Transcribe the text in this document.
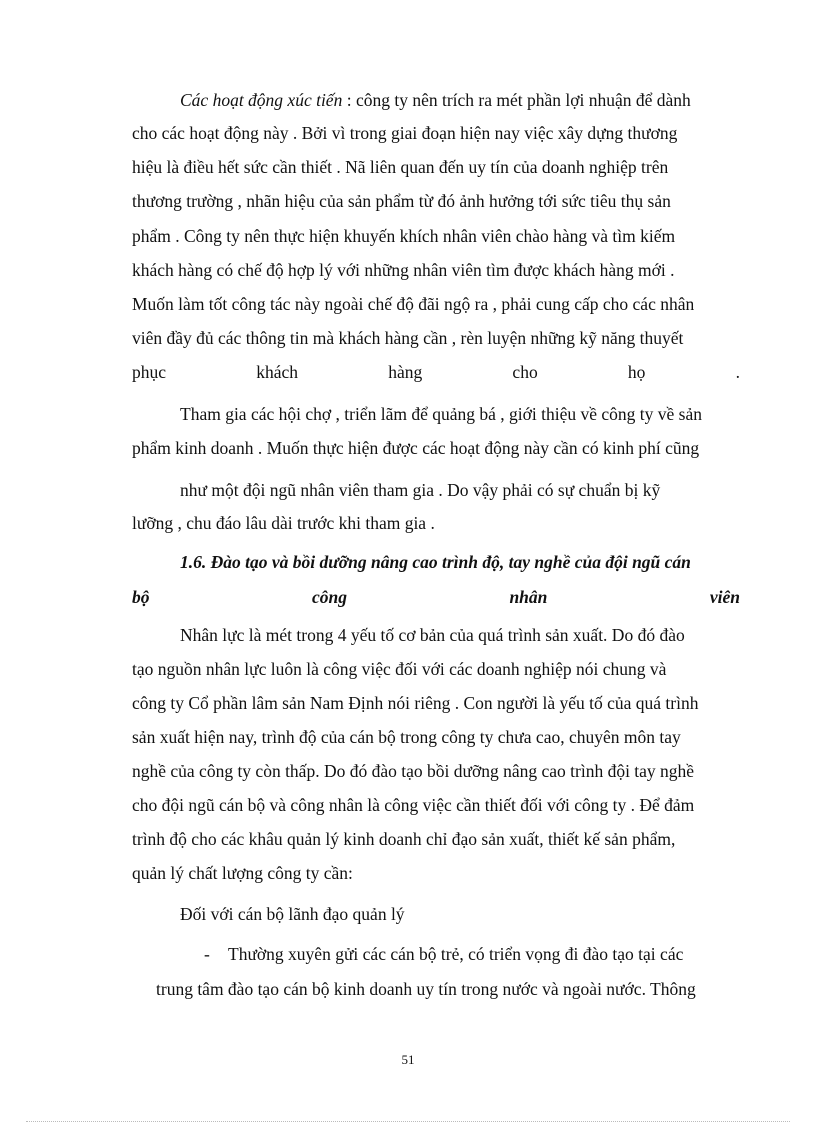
Các hoạt động xúc tiến : công ty nên trích ra mét phần lợi nhuận để dành
cho các hoạt động này . Bởi vì trong giai đoạn hiện nay việc xây dựng thương
hiệu là điều hết sức cần thiết . Nã liên quan đến uy tín của doanh nghiệp trên
thương trường , nhãn hiệu của sản phẩm từ đó ảnh hưởng tới sức tiêu thụ sản
phẩm . Công ty nên thực hiện khuyến khích nhân viên chào hàng và tìm kiếm
khách hàng có chế độ hợp lý với những nhân viên tìm được khách hàng mới .
Muốn làm tốt công tác này ngoài chế độ đãi ngộ ra , phải cung cấp cho các nhân
viên đầy đủ các thông tin mà khách hàng cần , rèn luyện những kỹ năng thuyết
phục	khách	hàng	cho	họ	.
Tham gia các hội chợ , triển lãm để quảng bá , giới thiệu về công ty về sản
phẩm kinh doanh . Muốn thực hiện được các hoạt động này cần có kinh phí cũng
như một đội ngũ nhân viên tham gia . Do vậy phải có sự chuẩn bị kỹ
lưỡng , chu đáo lâu dài trước khi tham gia .
1.6. Đào tạo và bồi dưỡng nâng cao trình độ, tay nghề của đội ngũ cán
bộ	công	nhân	viên
Nhân lực là mét trong 4 yếu tố cơ bản của quá trình sản xuất. Do đó đào
tạo nguồn nhân lực luôn là công việc đối với các doanh nghiệp nói chung và
công ty Cổ phần lâm sản Nam Định nói riêng . Con người là yếu tố của quá trình
sản xuất hiện nay, trình độ của cán bộ trong công ty chưa cao, chuyên môn tay
nghề của công ty còn thấp. Do đó đào tạo bồi dưỡng nâng cao trình đội tay nghề
cho đội ngũ cán bộ và công nhân là công việc cần thiết đối với công ty . Để đảm
trình độ cho các khâu quản lý kinh doanh chỉ đạo sản xuất, thiết kế sản phẩm,
quản lý chất lượng công ty cần:
Đối với cán bộ lãnh đạo quản lý
-	Thường xuyên gửi các cán bộ trẻ, có triển vọng đi đào tạo tại các
trung tâm đào tạo cán bộ kinh doanh uy tín trong nước và ngoài nước. Thông
51
